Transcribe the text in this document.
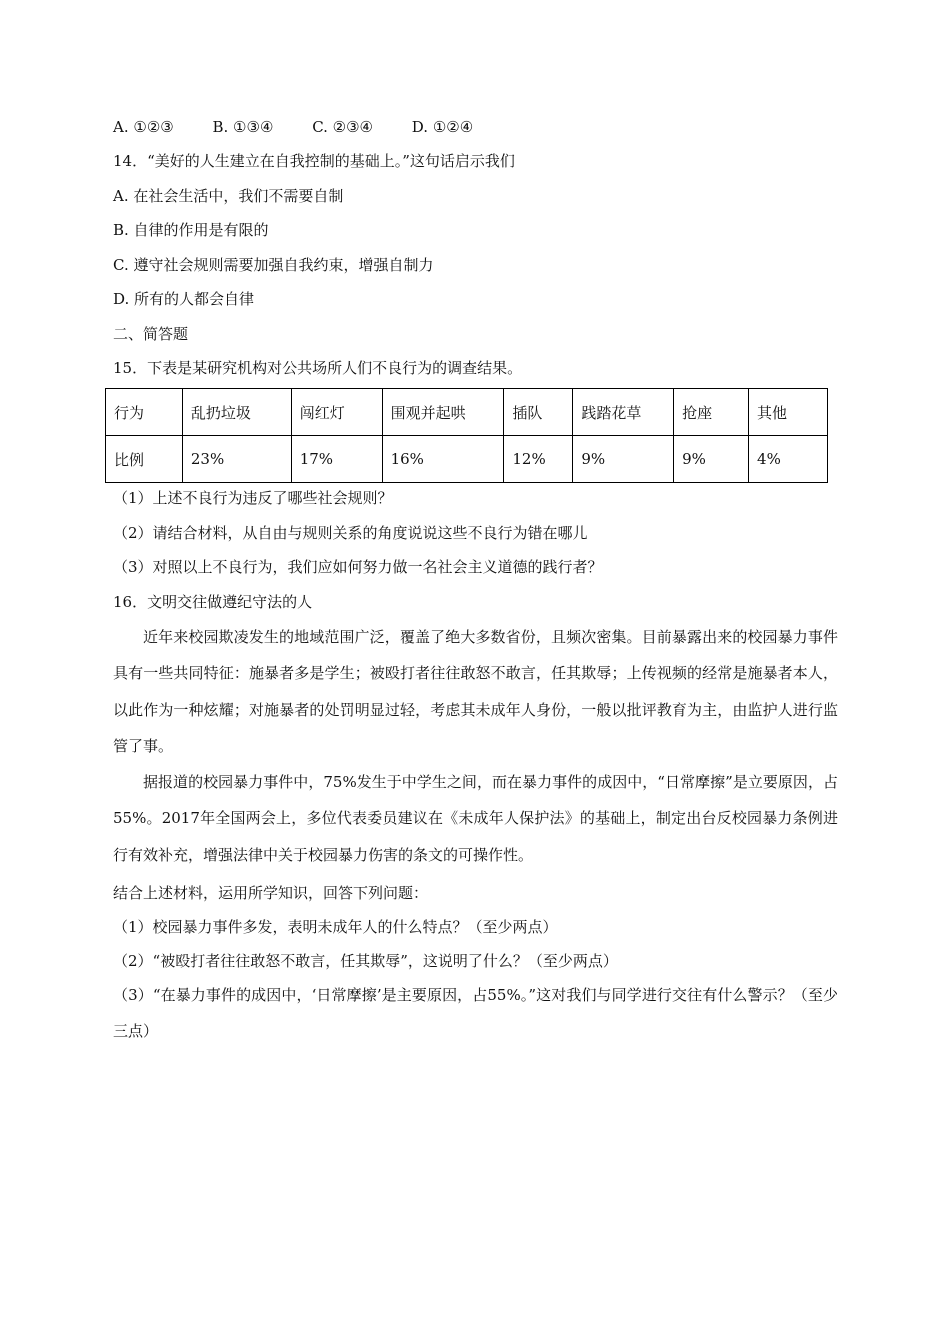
A. ①②③	B. ①③④	C. ②③④	D. ①②④
14．“美好的人生建立在自我控制的基础上。”这句话启示我们
A. 在社会生活中，我们不需要自制
B. 自律的作用是有限的
C. 遵守社会规则需要加强自我约束，增强自制力
D. 所有的人都会自律
二、简答题
15．下表是某研究机构对公共场所人们不良行为的调查结果。
行为	乱扔垃圾	闯红灯	围观并起哄	插队	践踏花草	抢座	其他
比例	23%	17%	16%	12%	9%	9%	4%
（1）上述不良行为违反了哪些社会规则？
（2）请结合材料，从自由与规则关系的角度说说这些不良行为错在哪儿
（3）对照以上不良行为，我们应如何努力做一名社会主义道德的践行者？
16．文明交往做遵纪守法的人
近年来校园欺凌发生的地域范围广泛，覆盖了绝大多数省份，且频次密集。目前暴露出来的校园暴力事件具有一些共同特征：施暴者多是学生；被殴打者往往敢怒不敢言，任其欺辱；上传视频的经常是施暴者本人，以此作为一种炫耀；对施暴者的处罚明显过轻，考虑其未成年人身份，一般以批评教育为主，由监护人进行监管了事。
据报道的校园暴力事件中，75%发生于中学生之间，而在暴力事件的成因中，“日常摩擦”是立要原因，占55%。2017年全国两会上，多位代表委员建议在《未成年人保护法》的基础上，制定出台反校园暴力条例进行有效补充，增强法律中关于校园暴力伤害的条文的可操作性。
结合上述材料，运用所学知识，回答下列问题：
（1）校园暴力事件多发，表明未成年人的什么特点？（至少两点）
（2）“被殴打者往往敢怒不敢言，任其欺辱”，这说明了什么？（至少两点）
（3）“在暴力事件的成因中，‘日常摩擦’是主要原因，占55%。”这对我们与同学进行交往有什么警示？（至少三点）
